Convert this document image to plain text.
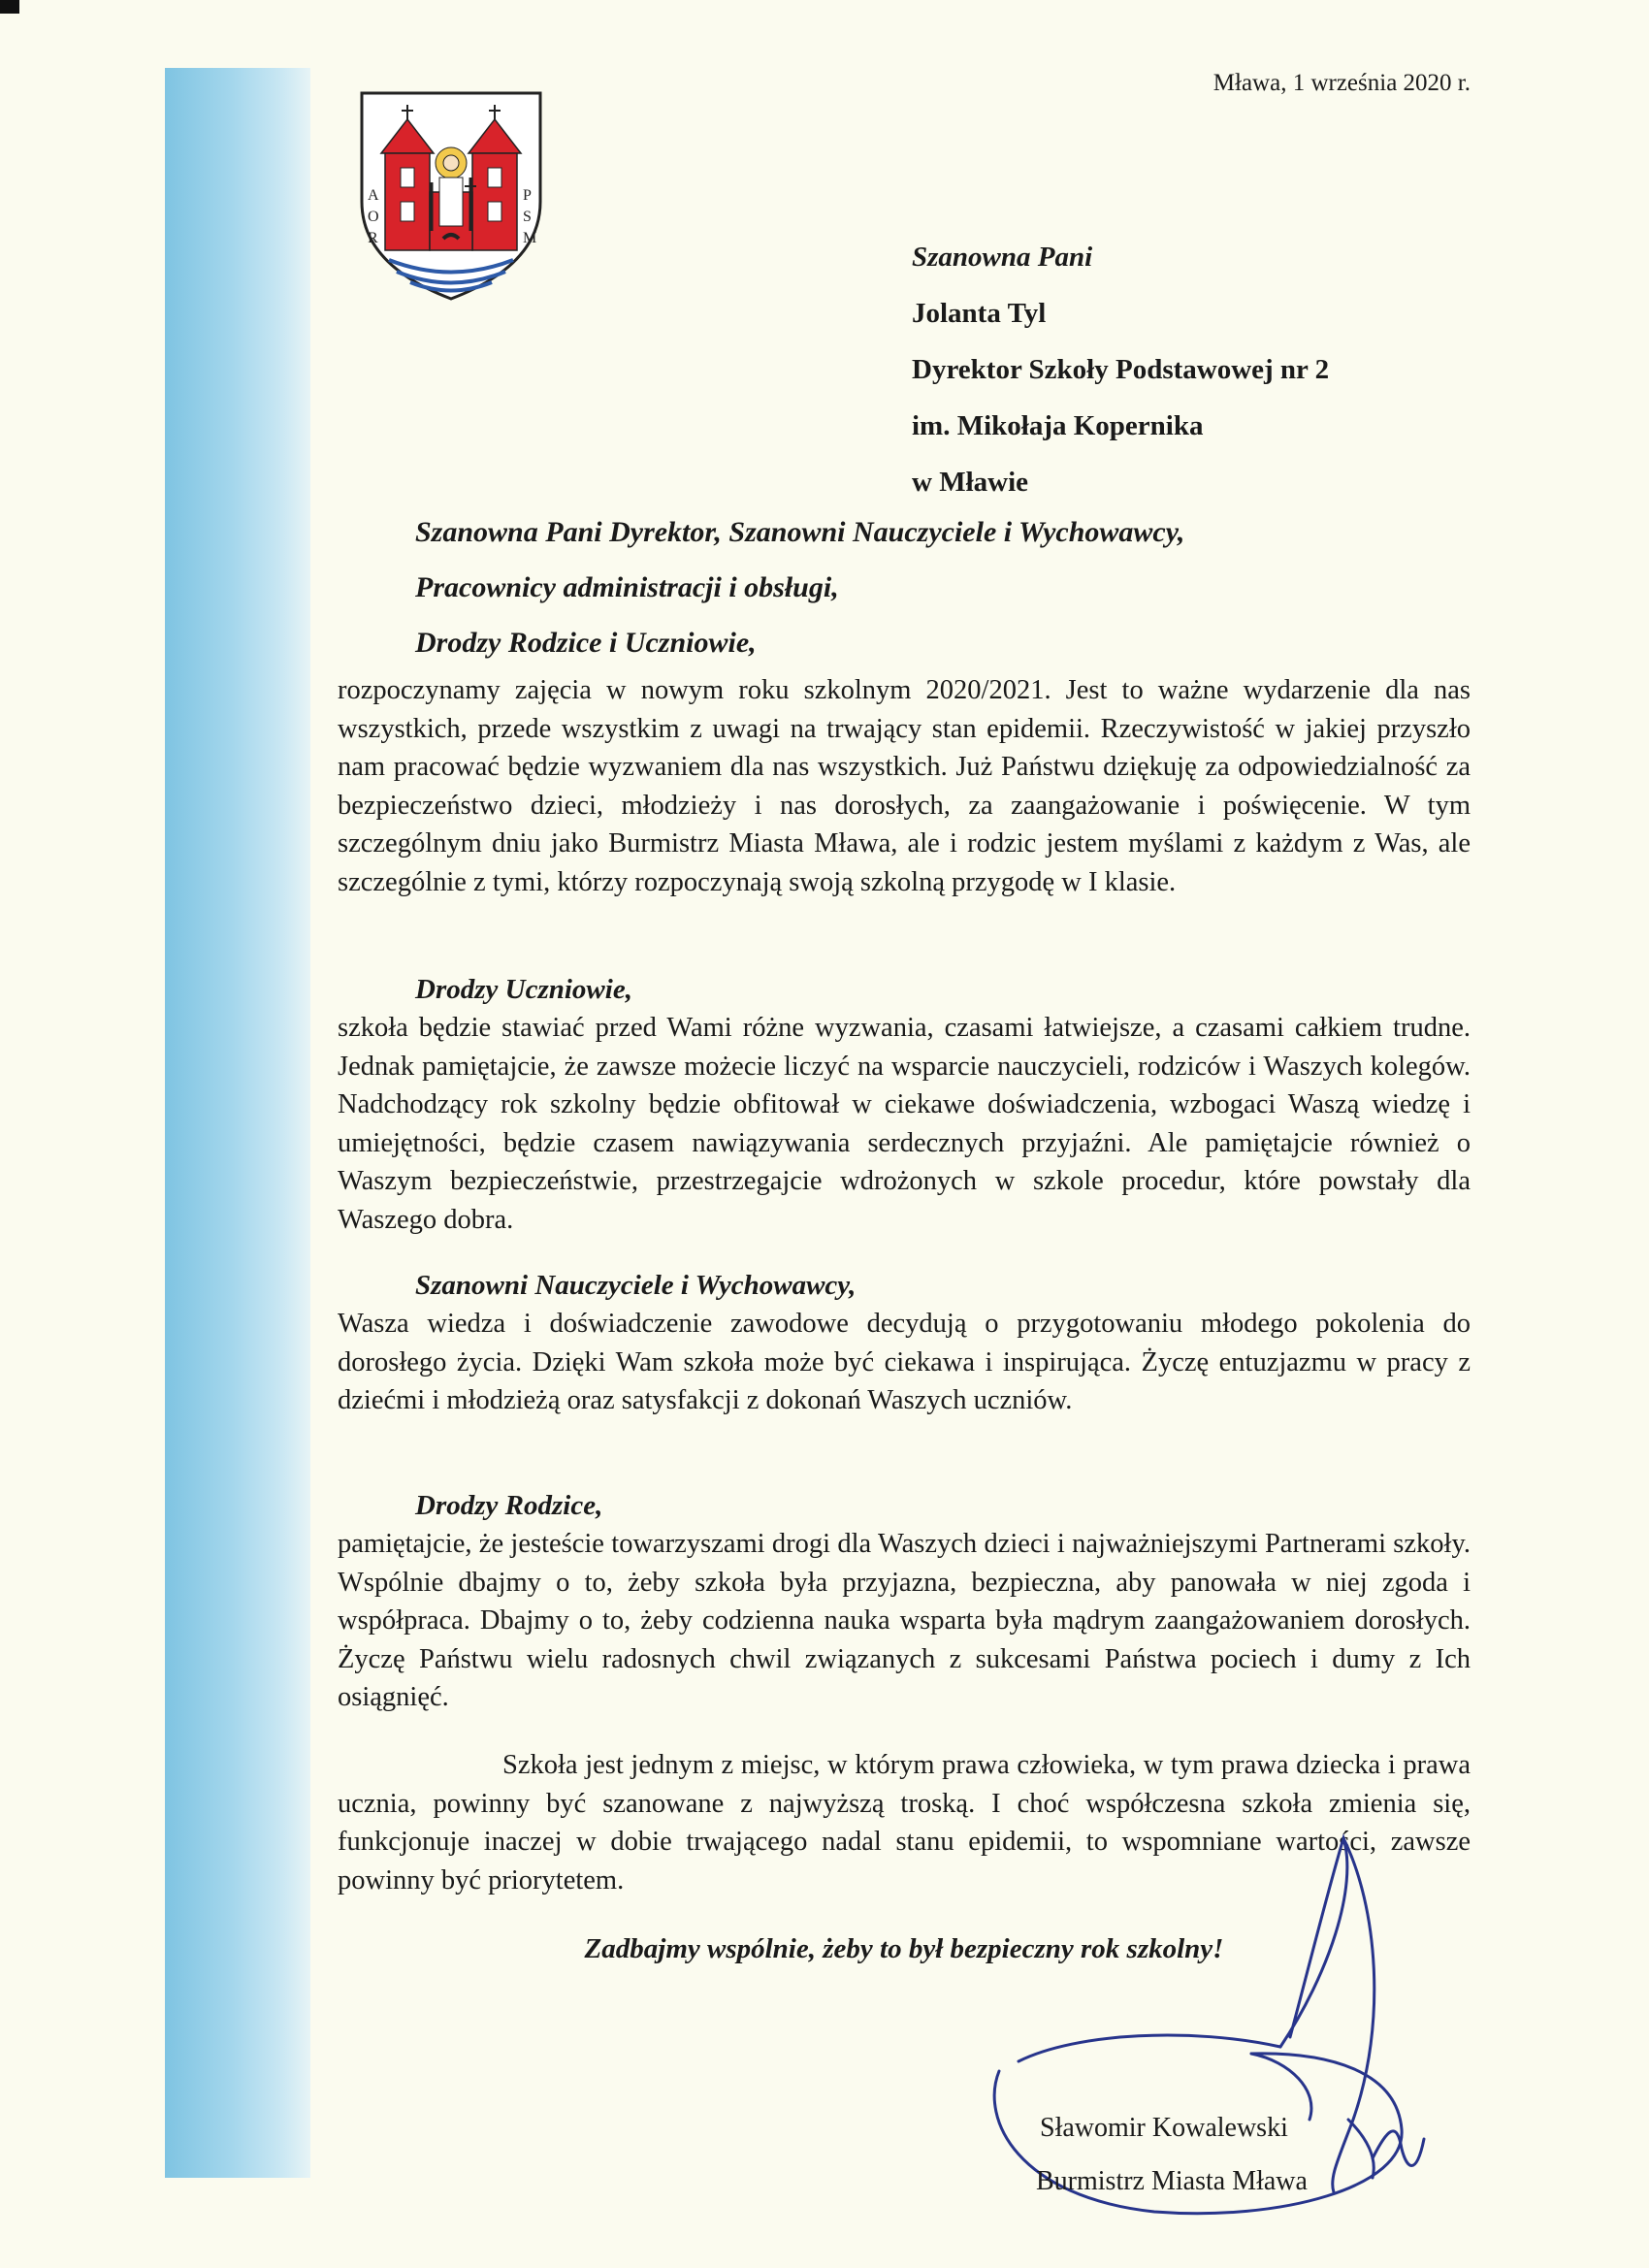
A
O
R
P
S
M
Mława, 1 września 2020 r.
Szanowna Pani
Jolanta Tyl
Dyrektor Szkoły Podstawowej nr 2
im. Mikołaja Kopernika
w Mławie
Szanowna Pani Dyrektor, Szanowni Nauczyciele i Wychowawcy,
Pracownicy administracji i obsługi,
Drodzy Rodzice i Uczniowie,
rozpoczynamy zajęcia w nowym roku szkolnym 2020/2021. Jest to ważne wydarzenie dla nas wszystkich, przede wszystkim z uwagi na trwający stan epidemii. Rzeczywistość w jakiej przyszło nam pracować będzie wyzwaniem dla nas wszystkich. Już Państwu dziękuję za odpowiedzialność za bezpieczeństwo dzieci, młodzieży i nas dorosłych, za zaangażowanie i poświęcenie. W tym szczególnym dniu jako Burmistrz Miasta Mława, ale i rodzic jestem myślami z każdym z Was, ale szczególnie z tymi, którzy rozpoczynają swoją szkolną przygodę w I klasie.
Drodzy Uczniowie,
szkoła będzie stawiać przed Wami różne wyzwania, czasami łatwiejsze, a czasami całkiem trudne. Jednak pamiętajcie, że zawsze możecie liczyć na wsparcie nauczycieli, rodziców i Waszych kolegów. Nadchodzący rok szkolny będzie obfitował w ciekawe doświadczenia, wzbogaci Waszą wiedzę i umiejętności, będzie czasem nawiązywania serdecznych przyjaźni. Ale pamiętajcie również o Waszym bezpieczeństwie, przestrzegajcie wdrożonych w szkole procedur, które powstały dla Waszego dobra.
Szanowni Nauczyciele i Wychowawcy,
Wasza wiedza i doświadczenie zawodowe decydują o przygotowaniu młodego pokolenia do dorosłego życia. Dzięki Wam szkoła może być ciekawa i inspirująca. Życzę entuzjazmu w pracy z dziećmi i młodzieżą oraz satysfakcji z dokonań Waszych uczniów.
Drodzy Rodzice,
pamiętajcie, że jesteście towarzyszami drogi dla Waszych dzieci i najważniejszymi Partnerami szkoły. Wspólnie dbajmy o to, żeby szkoła była przyjazna, bezpieczna, aby panowała w niej zgoda i współpraca. Dbajmy o to, żeby codzienna nauka wsparta była mądrym zaangażowaniem dorosłych. Życzę Państwu wielu radosnych chwil związanych z sukcesami Państwa pociech i dumy z Ich osiągnięć.
Szkoła jest jednym z miejsc, w którym prawa człowieka, w tym prawa dziecka i prawa ucznia, powinny być szanowane z najwyższą troską. I choć współczesna szkoła zmienia się, funkcjonuje inaczej w dobie trwającego nadal stanu epidemii, to wspomniane wartości, zawsze powinny być priorytetem.
Zadbajmy wspólnie, żeby to był bezpieczny rok szkolny!
Sławomir Kowalewski
Burmistrz Miasta Mława
